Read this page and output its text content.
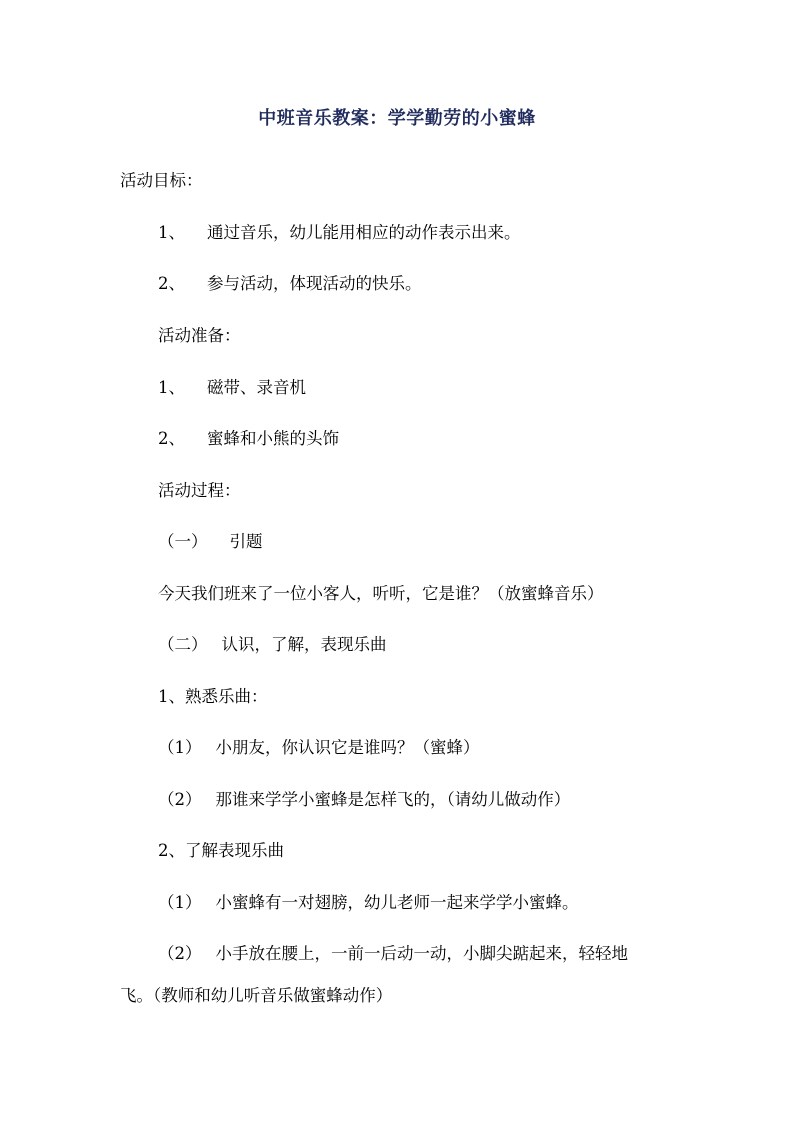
中班音乐教案：学学勤劳的小蜜蜂
活动目标：
1、 通过音乐，幼儿能用相应的动作表示出来。
2、 参与活动，体现活动的快乐。
活动准备：
1、 磁带、录音机
2、 蜜蜂和小熊的头饰
活动过程：
（一） 引题
今天我们班来了一位小客人，听听，它是谁？（放蜜蜂音乐）
（二） 认识，了解，表现乐曲
1、熟悉乐曲：
（1） 小朋友，你认识它是谁吗？（蜜蜂）
（2） 那谁来学学小蜜蜂是怎样飞的，（请幼儿做动作）
2、了解表现乐曲
（1） 小蜜蜂有一对翅膀，幼儿老师一起来学学小蜜蜂。
（2） 小手放在腰上，一前一后动一动，小脚尖踮起来，轻轻地
飞。（教师和幼儿听音乐做蜜蜂动作）
